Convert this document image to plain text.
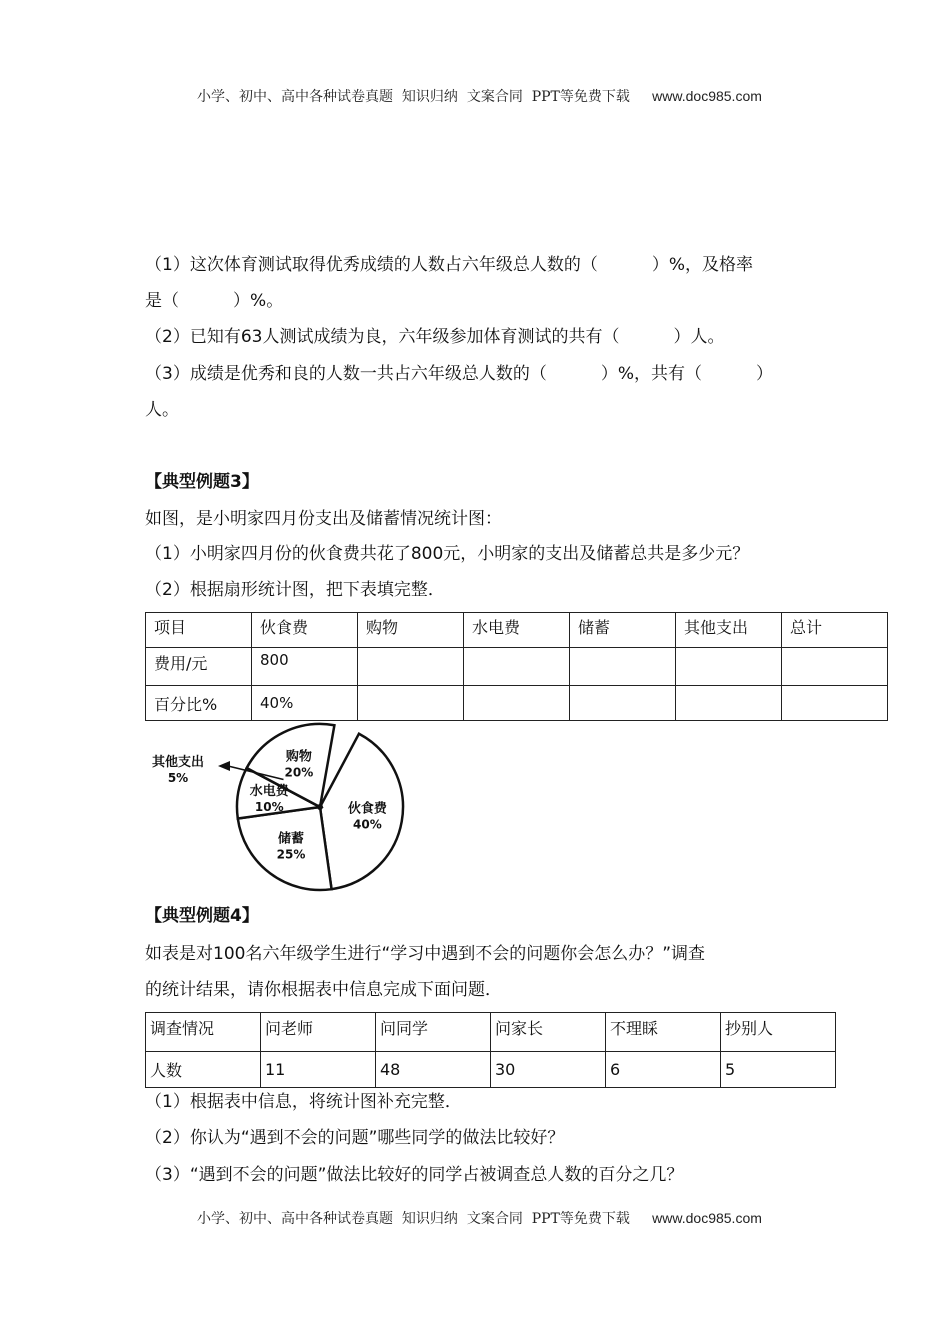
小学、初中、高中各种试卷真题  知识归纳  文案合同  PPT等免费下载 www.doc985.com

（1）这次体育测试取得优秀成绩的人数占六年级总人数的（          ）%，及格率
是（          ）%。
（2）已知有63人测试成绩为良，六年级参加体育测试的共有（          ）人。
（3）成绩是优秀和良的人数一共占六年级总人数的（          ）%，共有（          ）
人。
【典型例题3】
如图，是小明家四月份支出及储蓄情况统计图：
（1）小明家四月份的伙食费共花了800元，小明家的支出及储蓄总共是多少元？
（2）根据扇形统计图，把下表填完整．
项目	伙食费	购物	水电费	储蓄	其他支出	总计
费用/元	800					
百分比%	40%					
伙食费
40%
储蓄
25%
水电费
10%
购物
20%
其他支出
5%
【典型例题4】
如表是对100名六年级学生进行“学习中遇到不会的问题你会怎么办？”调查
的统计结果，请你根据表中信息完成下面问题．
调查情况	问老师	问同学	问家长	不理睬	抄别人
人数	11	48	30	6	5
（1）根据表中信息，将统计图补充完整．
（2）你认为“遇到不会的问题”哪些同学的做法比较好？
（3）“遇到不会的问题”做法比较好的同学占被调查总人数的百分之几？

小学、初中、高中各种试卷真题  知识归纳  文案合同  PPT等免费下载 www.doc985.com
